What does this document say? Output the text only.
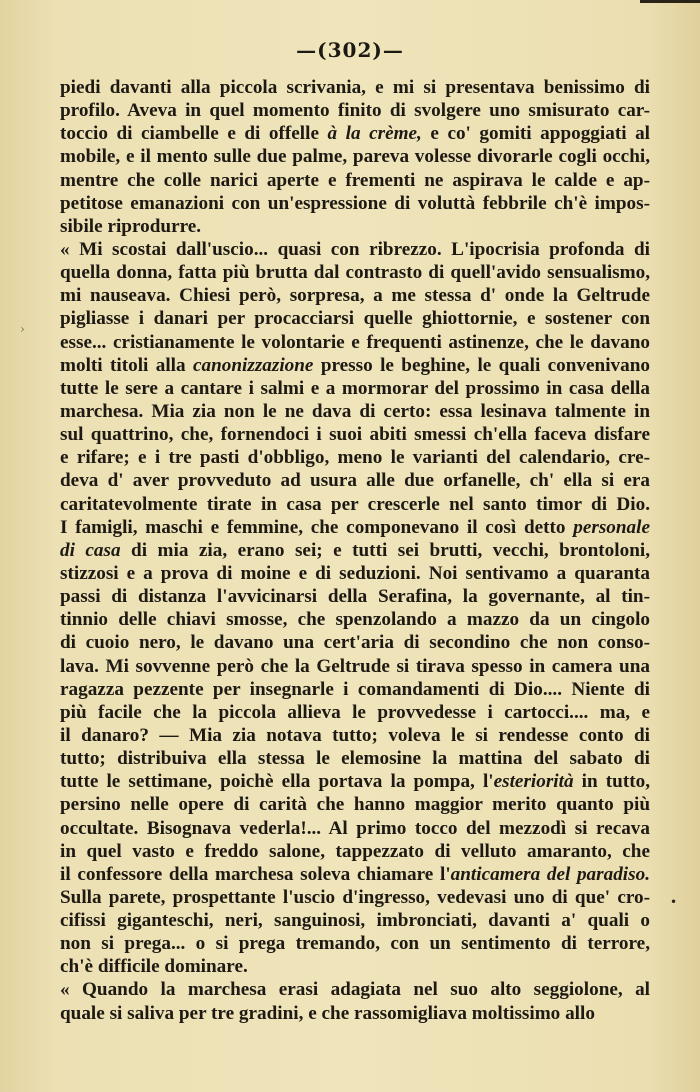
—(302)—
piedi davanti alla piccola scrivania, e mi si presentava benissimo di
profilo. Aveva in quel momento finito di svolgere uno smisurato car-
toccio di ciambelle e di offelle à la crème, e co' gomiti appoggiati al
mobile, e il mento sulle due palme, pareva volesse divorarle cogli occhi,
mentre che colle narici aperte e frementi ne aspirava le calde e ap-
petitose emanazioni con un'espressione di voluttà febbrile ch'è impos-
sibile riprodurre.
« Mi scostai dall'uscio... quasi con ribrezzo. L'ipocrisia profonda di
quella donna, fatta più brutta dal contrasto di quell'avido sensualismo,
mi nauseava. Chiesi però, sorpresa, a me stessa d' onde la Geltrude
pigliasse i danari per procacciarsi quelle ghiottornie, e sostener con
esse... cristianamente le volontarie e frequenti astinenze, che le davano
molti titoli alla canonizzazione presso le beghine, le quali convenivano
tutte le sere a cantare i salmi e a mormorar del prossimo in casa della
marchesa. Mia zia non le ne dava di certo: essa lesinava talmente in
sul quattrino, che, fornendoci i suoi abiti smessi ch'ella faceva disfare
e rifare; e i tre pasti d'obbligo, meno le varianti del calendario, cre-
deva d' aver provveduto ad usura alle due orfanelle, ch' ella si era
caritatevolmente tirate in casa per crescerle nel santo timor di Dio.
I famigli, maschi e femmine, che componevano il così detto personale
di casa di mia zia, erano sei; e tutti sei brutti, vecchi, brontoloni,
stizzosi e a prova di moine e di seduzioni. Noi sentivamo a quaranta
passi di distanza l'avvicinarsi della Serafina, la governante, al tin-
tinnio delle chiavi smosse, che spenzolando a mazzo da un cingolo
di cuoio nero, le davano una cert'aria di secondino che non conso-
lava. Mi sovvenne però che la Geltrude si tirava spesso in camera una
ragazza pezzente per insegnarle i comandamenti di Dio.... Niente di
più facile che la piccola allieva le provvedesse i cartocci.... ma, e
il danaro? — Mia zia notava tutto; voleva le si rendesse conto di
tutto; distribuiva ella stessa le elemosine la mattina del sabato di
tutte le settimane, poichè ella portava la pompa, l'esteriorità in tutto,
persino nelle opere di carità che hanno maggior merito quanto più
occultate. Bisognava vederla!... Al primo tocco del mezzodì si recava
in quel vasto e freddo salone, tappezzato di velluto amaranto, che
il confessore della marchesa soleva chiamare l'anticamera del paradiso.
Sulla parete, prospettante l'uscio d'ingresso, vedevasi uno di que' cro-
cifissi giganteschi, neri, sanguinosi, imbronciati, davanti a' quali o
non si prega... o si prega tremando, con un sentimento di terrore,
ch'è difficile dominare.
« Quando la marchesa erasi adagiata nel suo alto seggiolone, al
quale si saliva per tre gradini, e che rassomigliava moltissimo allo
›
•
